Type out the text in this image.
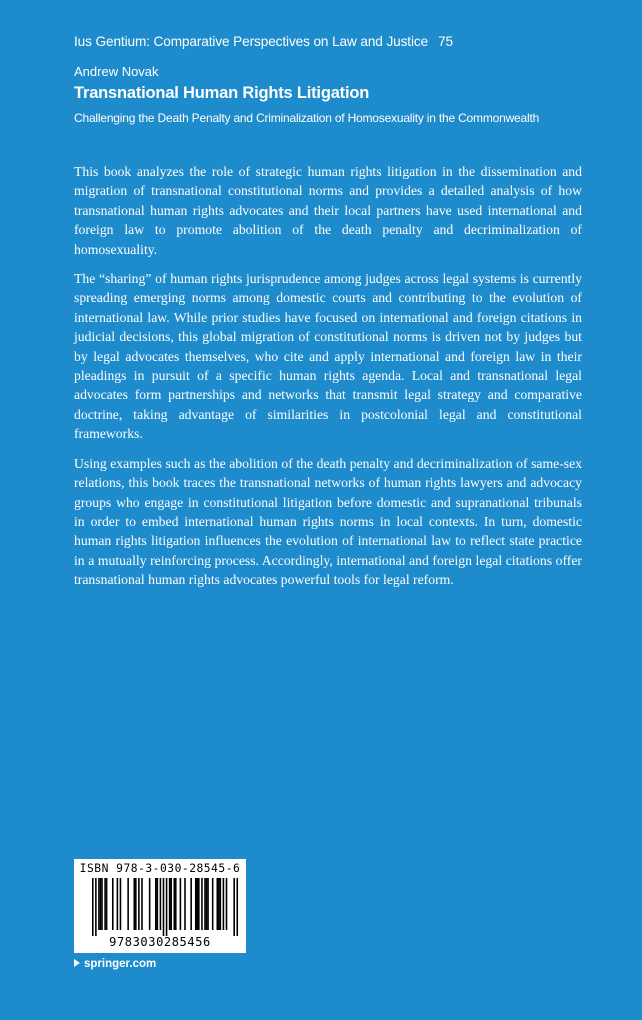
Ius Gentium: Comparative Perspectives on Law and Justice 75
Andrew Novak
Transnational Human Rights Litigation
Challenging the Death Penalty and Criminalization of Homosexuality in the Commonwealth

This book analyzes the role of strategic human rights litigation in the dissemination and migration of transnational constitutional norms and provides a detailed analysis of how transnational human rights advocates and their local partners have used international and foreign law to promote abolition of the death penalty and decriminalization of homosexuality.

The “sharing” of human rights jurisprudence among judges across legal systems is currently spreading emerging norms among domestic courts and contributing to the evolution of international law. While prior studies have focused on international and foreign citations in judicial decisions, this global migration of constitutional norms is driven not by judges but by legal advocates themselves, who cite and apply international and foreign law in their pleadings in pursuit of a specific human rights agenda. Local and transnational legal advocates form partnerships and networks that transmit legal strategy and comparative doctrine, taking advantage of similarities in postcolonial legal and constitutional frameworks.

Using examples such as the abolition of the death penalty and decriminalization of same-sex relations, this book traces the transnational networks of human rights lawyers and advocacy groups who engage in constitutional litigation before domestic and supranational tribunals in order to embed international human rights norms in local contexts. In turn, domestic human rights litigation influences the evolution of international law to reflect state practice in a mutually reinforcing process. Accordingly, international and foreign legal citations offer transnational human rights advocates powerful tools for legal reform.

ISBN 978-3-030-28545-6
9783030285456
springer.com
